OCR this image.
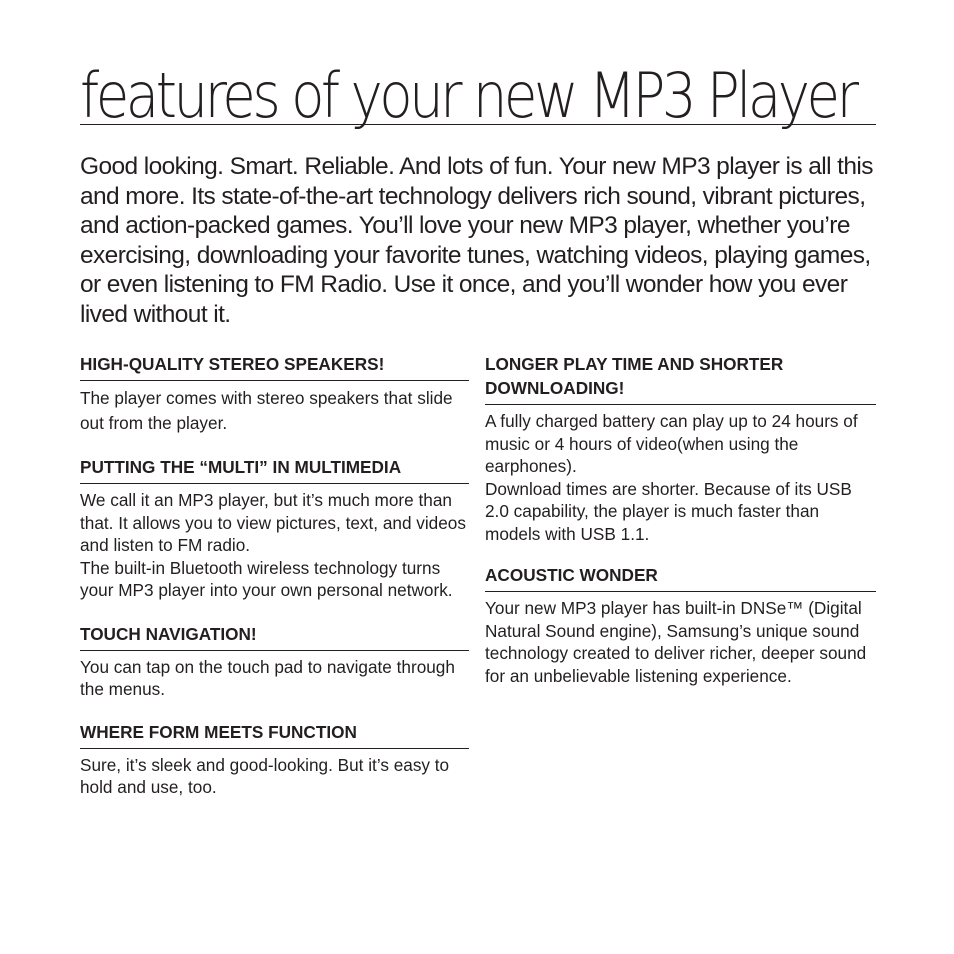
features of your new MP3 Player

Good looking. Smart. Reliable. And lots of fun. Your new MP3 player is all this and more. Its state-of-the-art technology delivers rich sound, vibrant pictures, and action-packed games. You’ll love your new MP3 player, whether you’re exercising, downloading your favorite tunes, watching videos, playing games, or even listening to FM Radio. Use it once, and you’ll wonder how you ever lived without it.

HIGH-QUALITY STEREO SPEAKERS!

The player comes with stereo speakers that slide out from the player.

PUTTING THE “MULTI” IN MULTIMEDIA

We call it an MP3 player, but it’s much more than that. It allows you to view pictures, text, and videos and listen to FM radio.
The built-in Bluetooth wireless technology turns your MP3 player into your own personal network.

TOUCH NAVIGATION!

You can tap on the touch pad to navigate through the menus.

WHERE FORM MEETS FUNCTION

Sure, it’s sleek and good-looking. But it’s easy to hold and use, too.

LONGER PLAY TIME AND SHORTER DOWNLOADING!

A fully charged battery can play up to 24 hours of music or 4 hours of video(when using the earphones).
Download times are shorter. Because of its USB 2.0 capability, the player is much faster than models with USB 1.1.

ACOUSTIC WONDER

Your new MP3 player has built-in DNSe™ (Digital Natural Sound engine), Samsung’s unique sound technology created to deliver richer, deeper sound for an unbelievable listening experience.
